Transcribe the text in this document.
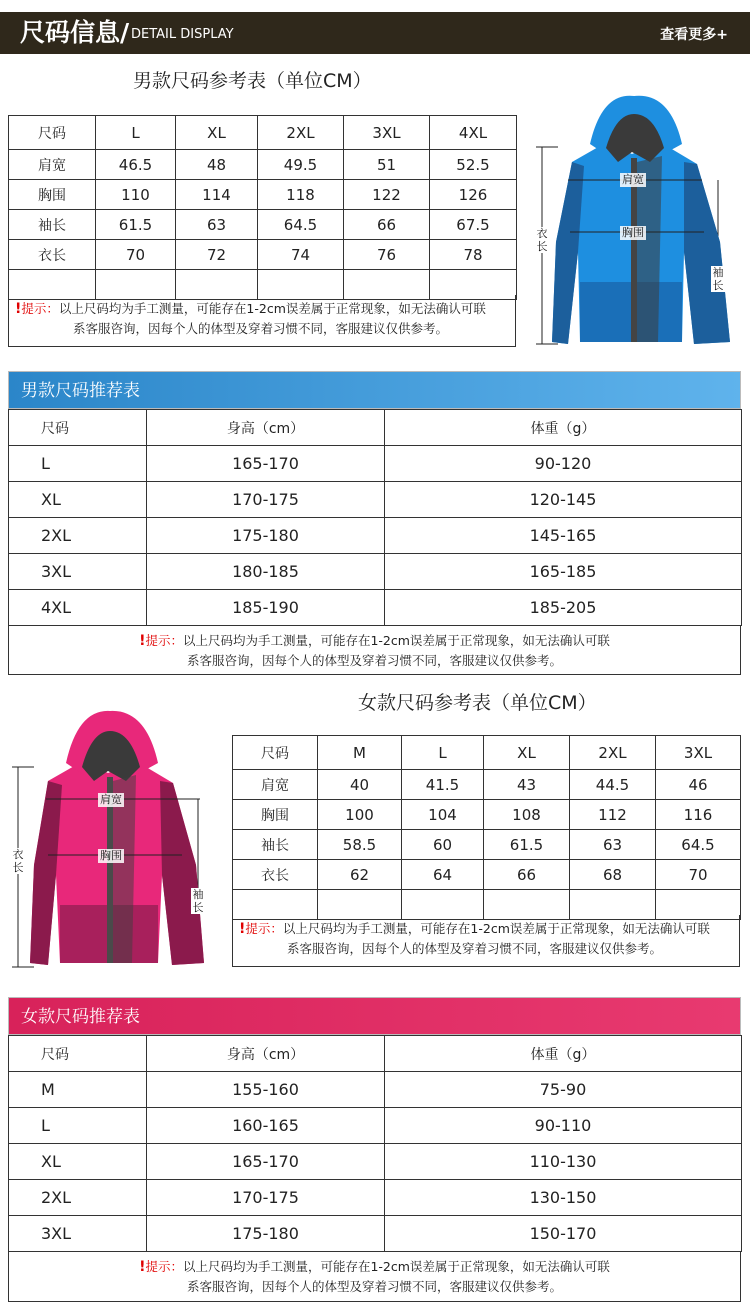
尺码信息/ DETAIL DISPLAY	查看更多+
男款尺码参考表（单位CM）
尺码	L	XL	2XL	3XL	4XL
肩宽	46.5	48	49.5	51	52.5
胸围	110	114	118	122	126
袖长	61.5	63	64.5	66	67.5
衣长	70	72	74	76	78

!提示：以上尺码均为手工测量，可能存在1-2cm误差属于正常现象，如无法确认可联
系客服咨询，因每个人的体型及穿着习惯不同，客服建议仅供参考。
肩宽
胸围
衣长
袖长
男款尺码推荐表
尺码	身高（cm）	体重（g）
L	165-170	90-120
XL	170-175	120-145
2XL	175-180	145-165
3XL	180-185	165-185
4XL	185-190	185-205
!提示：以上尺码均为手工测量，可能存在1-2cm误差属于正常现象，如无法确认可联
系客服咨询，因每个人的体型及穿着习惯不同，客服建议仅供参考。
女款尺码参考表（单位CM）
尺码	M	L	XL	2XL	3XL
肩宽	40	41.5	43	44.5	46
胸围	100	104	108	112	116
袖长	58.5	60	61.5	63	64.5
衣长	62	64	66	68	70

!提示：以上尺码均为手工测量，可能存在1-2cm误差属于正常现象，如无法确认可联
系客服咨询，因每个人的体型及穿着习惯不同，客服建议仅供参考。
肩宽
胸围
衣长
袖长
女款尺码推荐表
尺码	身高（cm）	体重（g）
M	155-160	75-90
L	160-165	90-110
XL	165-170	110-130
2XL	170-175	130-150
3XL	175-180	150-170
!提示：以上尺码均为手工测量，可能存在1-2cm误差属于正常现象，如无法确认可联
系客服咨询，因每个人的体型及穿着习惯不同，客服建议仅供参考。
